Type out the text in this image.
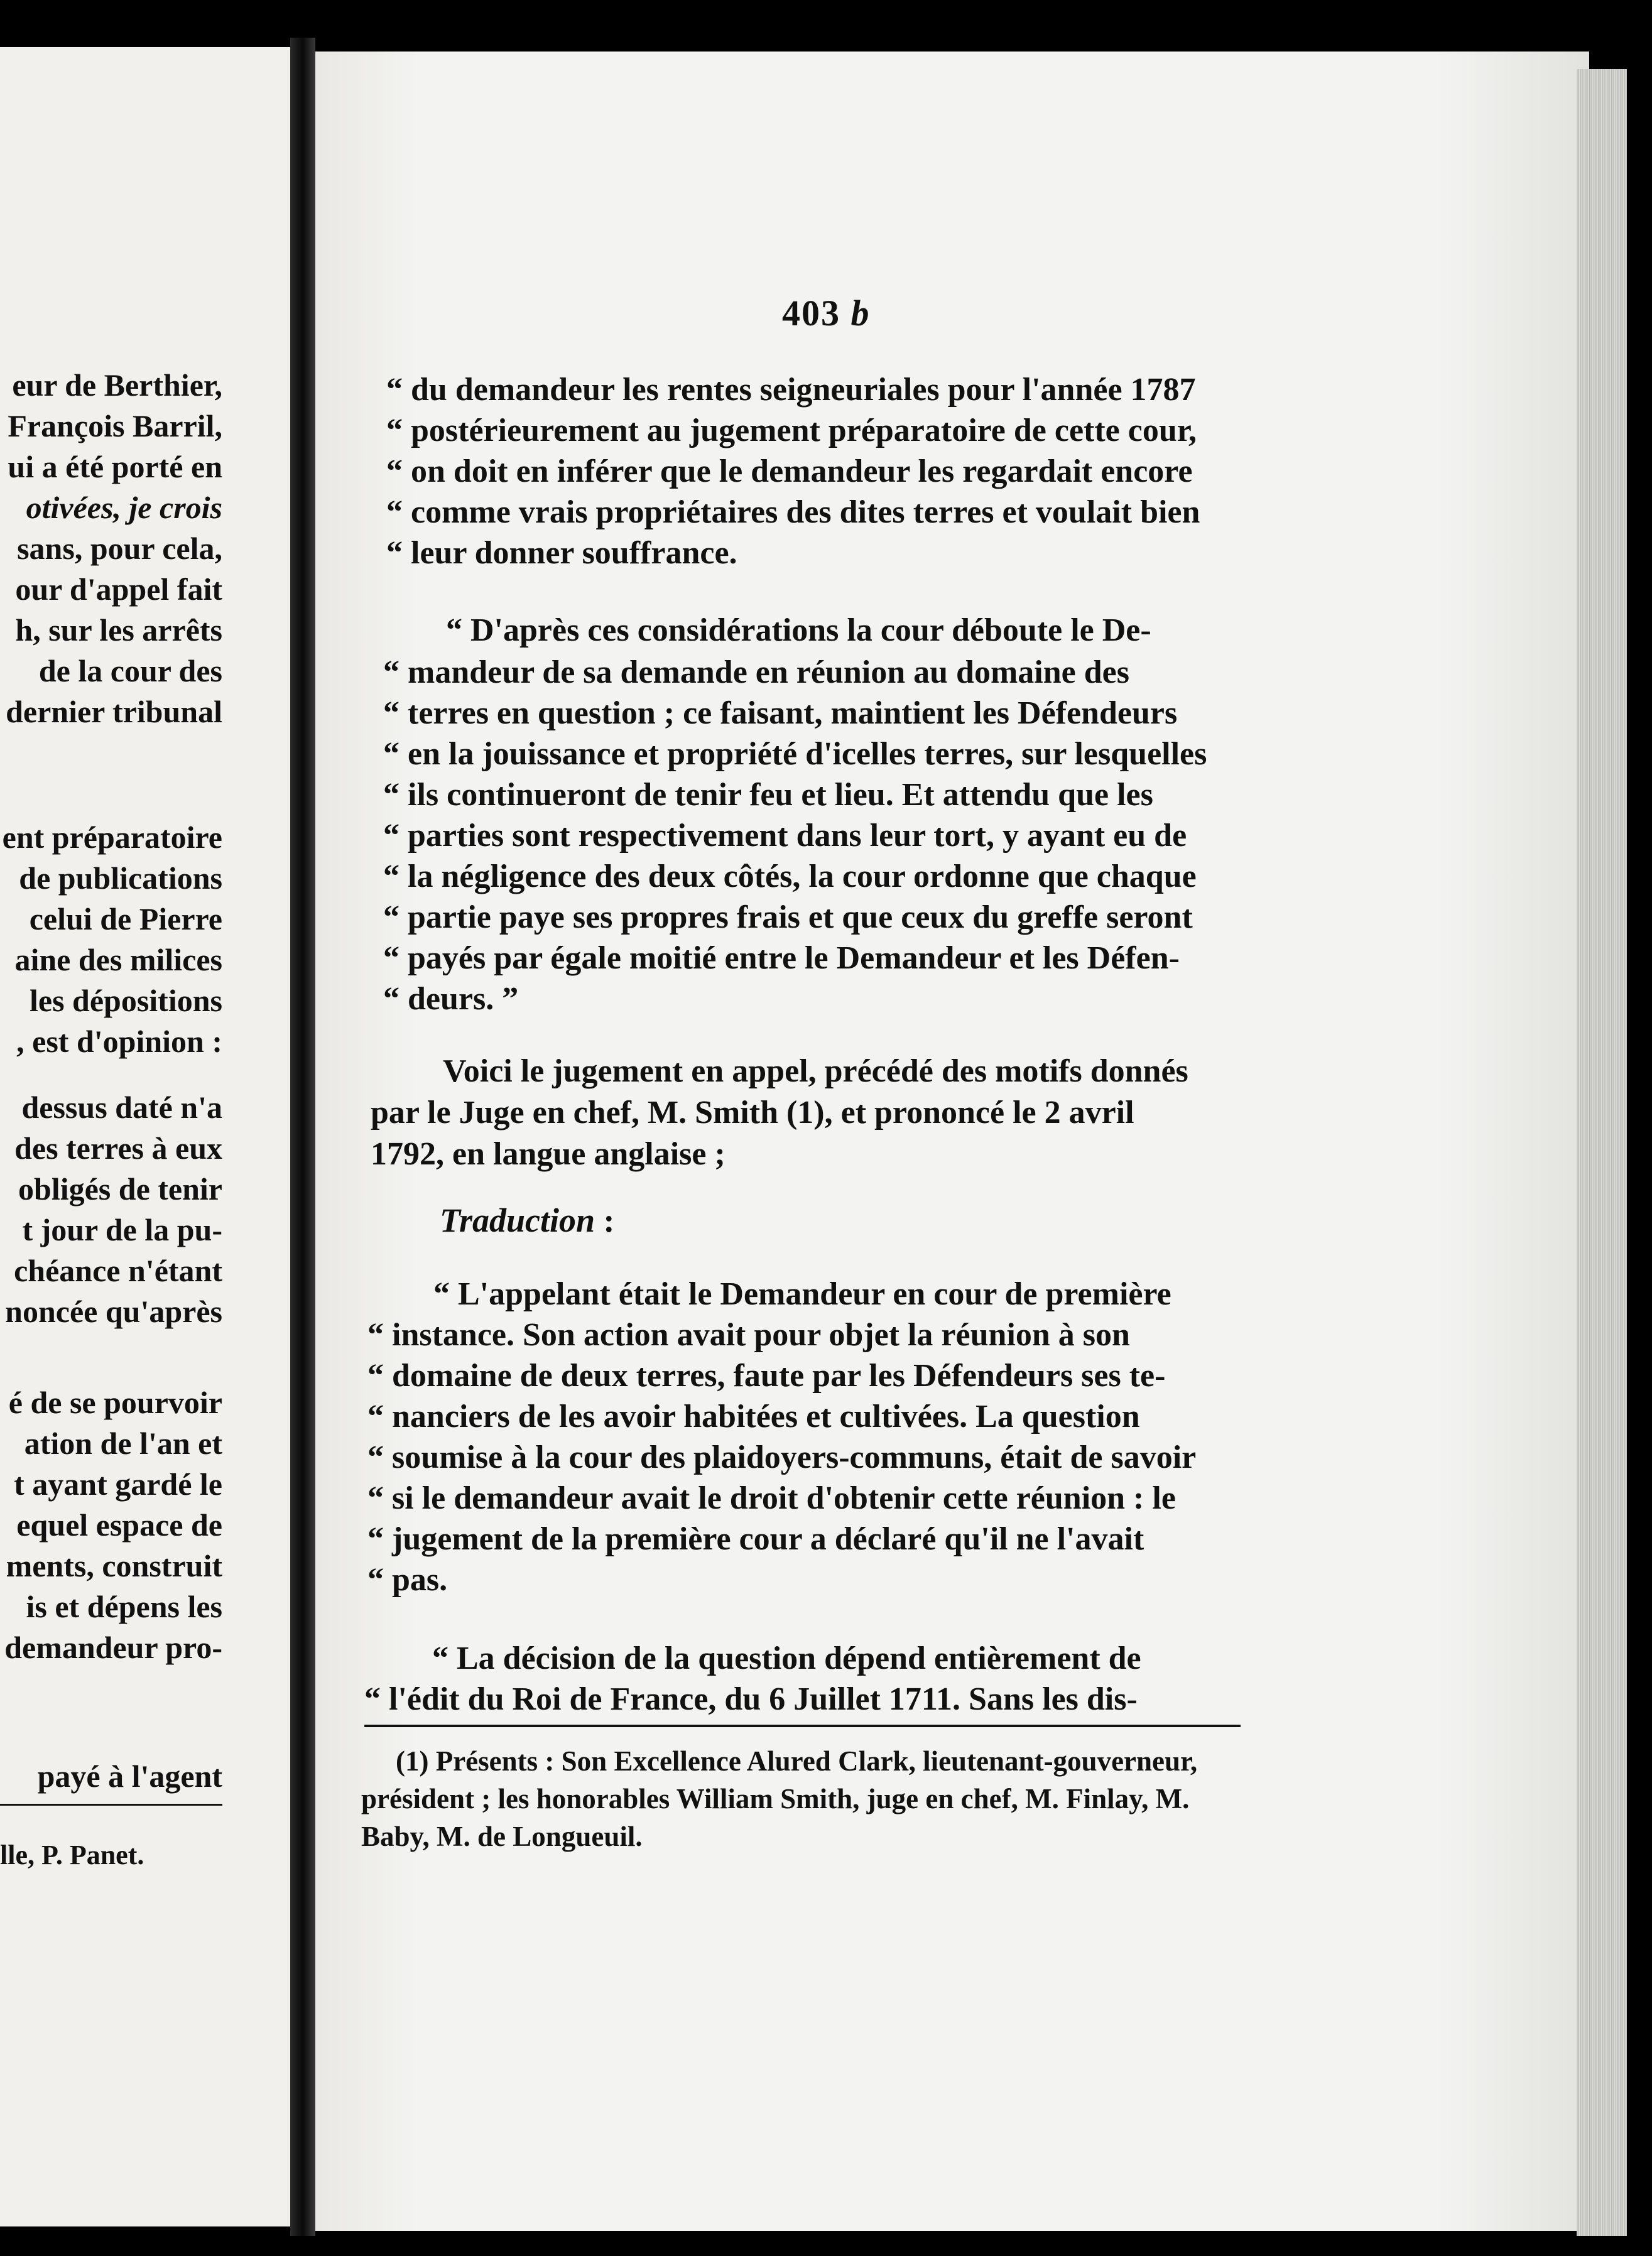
eur de Berthier,
François Barril,
ui a été porté en
otivées, je crois
sans, pour cela,
our d'appel fait
h, sur les arrêts
de la cour des
dernier tribunal
ent préparatoire
de publications
celui de Pierre
aine des milices
les dépositions
, est d'opinion :
dessus daté n'a
des terres à eux
obligés de tenir
t jour de la pu-
chéance n'étant
noncée qu'après
é de se pourvoir
ation de l'an et
t ayant gardé le
equel espace de
ments, construit
is et dépens les
demandeur pro-
payé à l'agent
lle, P. Panet.
403 b
“ du demandeur les rentes seigneuriales pour l'année 1787
“ postérieurement au jugement préparatoire de cette cour,
“ on doit en inférer que le demandeur les regardait encore
“ comme vrais propriétaires des dites terres et voulait bien
“ leur donner souffrance.
“ D'après ces considérations la cour déboute le De-
“ mandeur de sa demande en réunion au domaine des
“ terres en question ; ce faisant, maintient les Défendeurs
“ en la jouissance et propriété d'icelles terres, sur lesquelles
“ ils continueront de tenir feu et lieu. Et attendu que les
“ parties sont respectivement dans leur tort, y ayant eu de
“ la négligence des deux côtés, la cour ordonne que chaque
“ partie paye ses propres frais et que ceux du greffe seront
“ payés par égale moitié entre le Demandeur et les Défen-
“ deurs. ”
Voici le jugement en appel, précédé des motifs donnés
par le Juge en chef, M. Smith (1), et prononcé le 2 avril
1792, en langue anglaise ;
Traduction :
“ L'appelant était le Demandeur en cour de première
“ instance. Son action avait pour objet la réunion à son
“ domaine de deux terres, faute par les Défendeurs ses te-
“ nanciers de les avoir habitées et cultivées. La question
“ soumise à la cour des plaidoyers-communs, était de savoir
“ si le demandeur avait le droit d'obtenir cette réunion : le
“ jugement de la première cour a déclaré qu'il ne l'avait
“ pas.
“ La décision de la question dépend entièrement de
“ l'édit du Roi de France, du 6 Juillet 1711. Sans les dis-
(1) Présents : Son Excellence Alured Clark, lieutenant-gouverneur,
président ; les honorables William Smith, juge en chef, M. Finlay, M.
Baby, M. de Longueuil.
